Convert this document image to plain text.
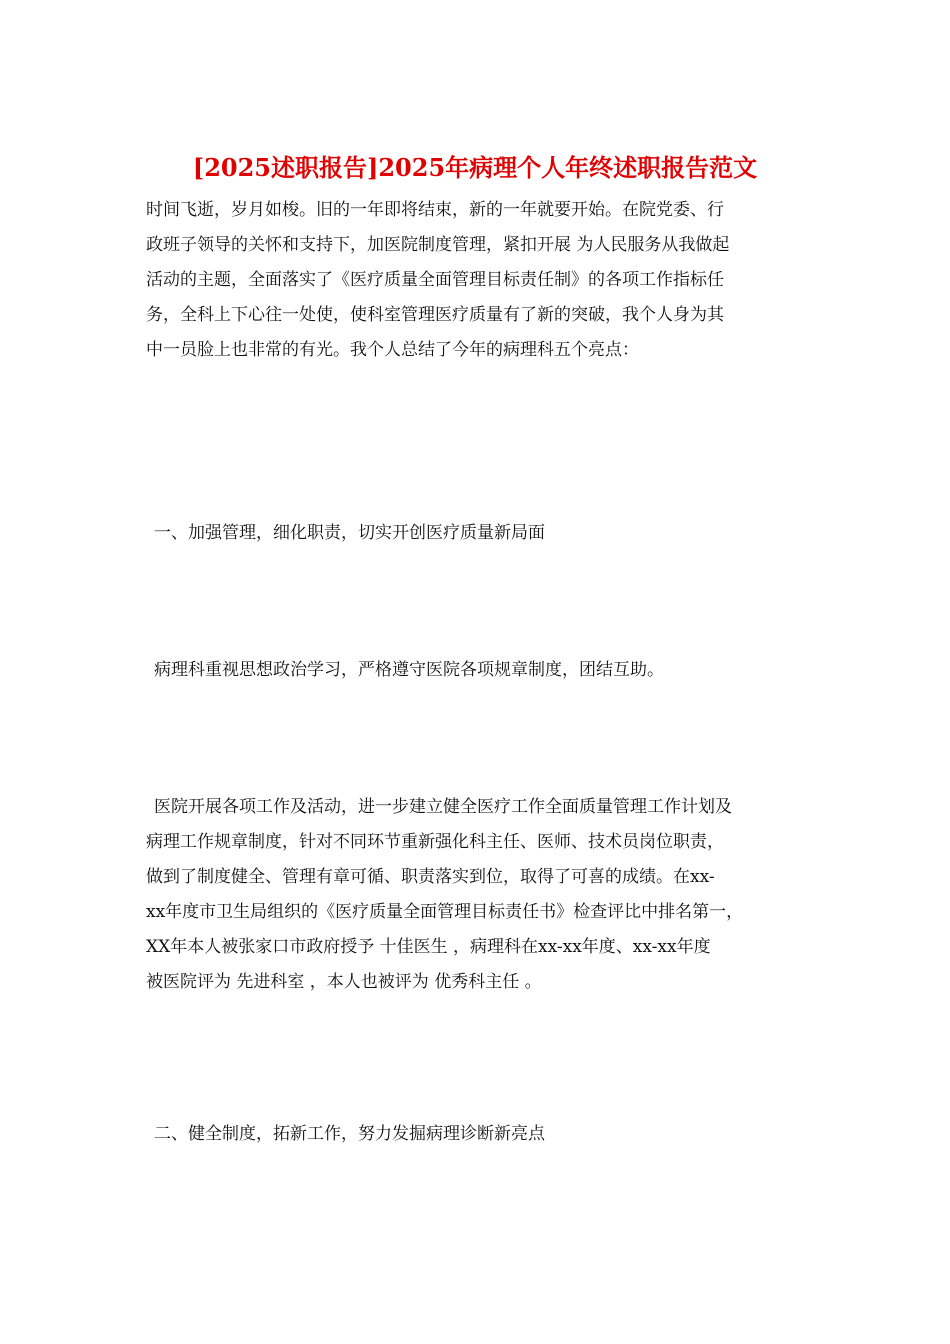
[2025述职报告]2025年病理个人年终述职报告范文
时间飞逝，岁月如梭。旧的一年即将结束，新的一年就要开始。在院党委、行
政班子领导的关怀和支持下，加医院制度管理，紧扣开展 为人民服务从我做起
活动的主题，全面落实了《医疗质量全面管理目标责任制》的各项工作指标任
务，全科上下心往一处使，使科室管理医疗质量有了新的突破，我个人身为其
中一员脸上也非常的有光。我个人总结了今年的病理科五个亮点：
一、加强管理，细化职责，切实开创医疗质量新局面
病理科重视思想政治学习，严格遵守医院各项规章制度，团结互助。
医院开展各项工作及活动，进一步建立健全医疗工作全面质量管理工作计划及
病理工作规章制度，针对不同环节重新强化科主任、医师、技术员岗位职责，
做到了制度健全、管理有章可循、职责落实到位，取得了可喜的成绩。在xx-
xx年度市卫生局组织的《医疗质量全面管理目标责任书》检查评比中排名第一，
XX年本人被张家口市政府授予 十佳医生 ，病理科在xx-xx年度、xx-xx年度
被医院评为 先进科室 ，本人也被评为 优秀科主任 。
二、健全制度，拓新工作，努力发掘病理诊断新亮点
